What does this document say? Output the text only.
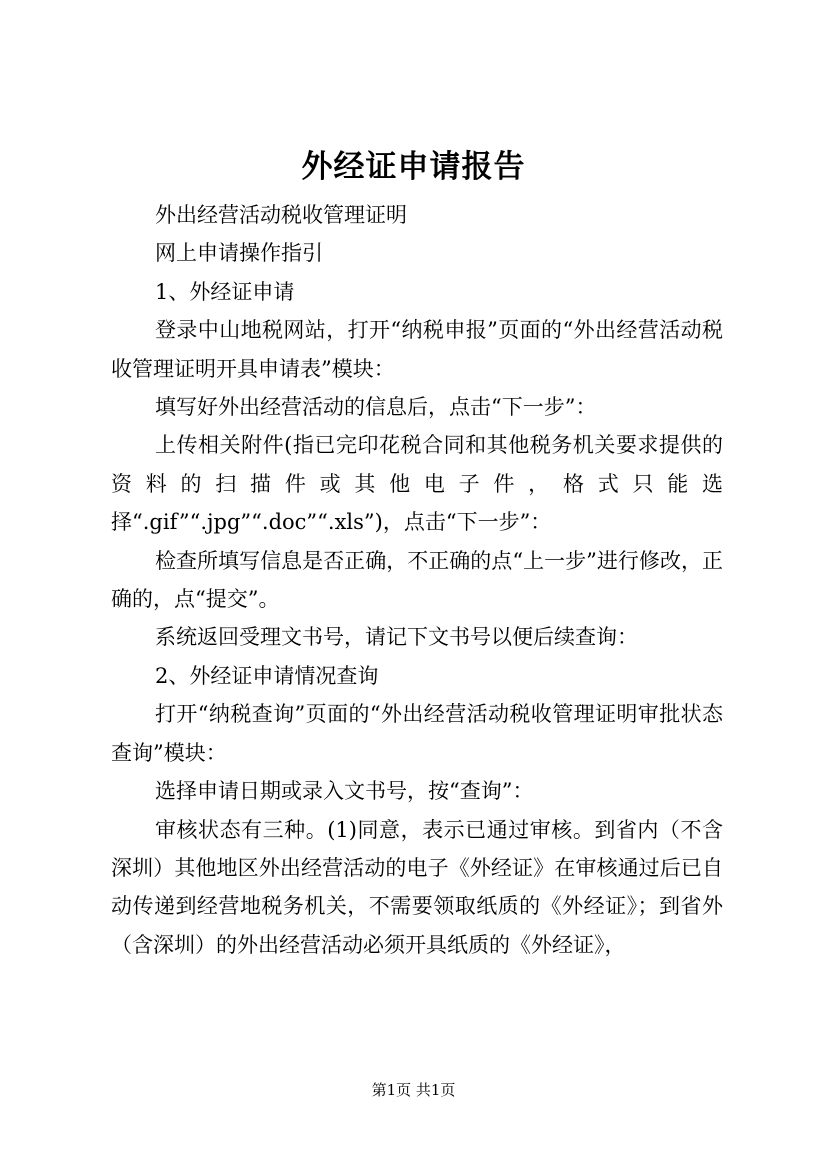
外经证申请报告

外出经营活动税收管理证明

网上申请操作指引

1、外经证申请

登录中山地税网站，打开“纳税申报”页面的“外出经营活动税收管理证明开具申请表”模块：

填写好外出经营活动的信息后，点击“下一步”：

上传相关附件(指已完印花税合同和其他税务机关要求提供的资料的扫描件或其他电子件，格式只能选择“.gif”“.jpg”“.doc”“.xls”)，点击“下一步”：

检查所填写信息是否正确，不正确的点“上一步”进行修改，正确的，点“提交”。

系统返回受理文书号，请记下文书号以便后续查询：

2、外经证申请情况查询

打开“纳税查询”页面的“外出经营活动税收管理证明审批状态查询”模块：

选择申请日期或录入文书号，按“查询”：

审核状态有三种。(1)同意，表示已通过审核。到省内（不含深圳）其他地区外出经营活动的电子《外经证》在审核通过后已自动传递到经营地税务机关，不需要领取纸质的《外经证》；到省外（含深圳）的外出经营活动必须开具纸质的《外经证》，

第1页 共1页
